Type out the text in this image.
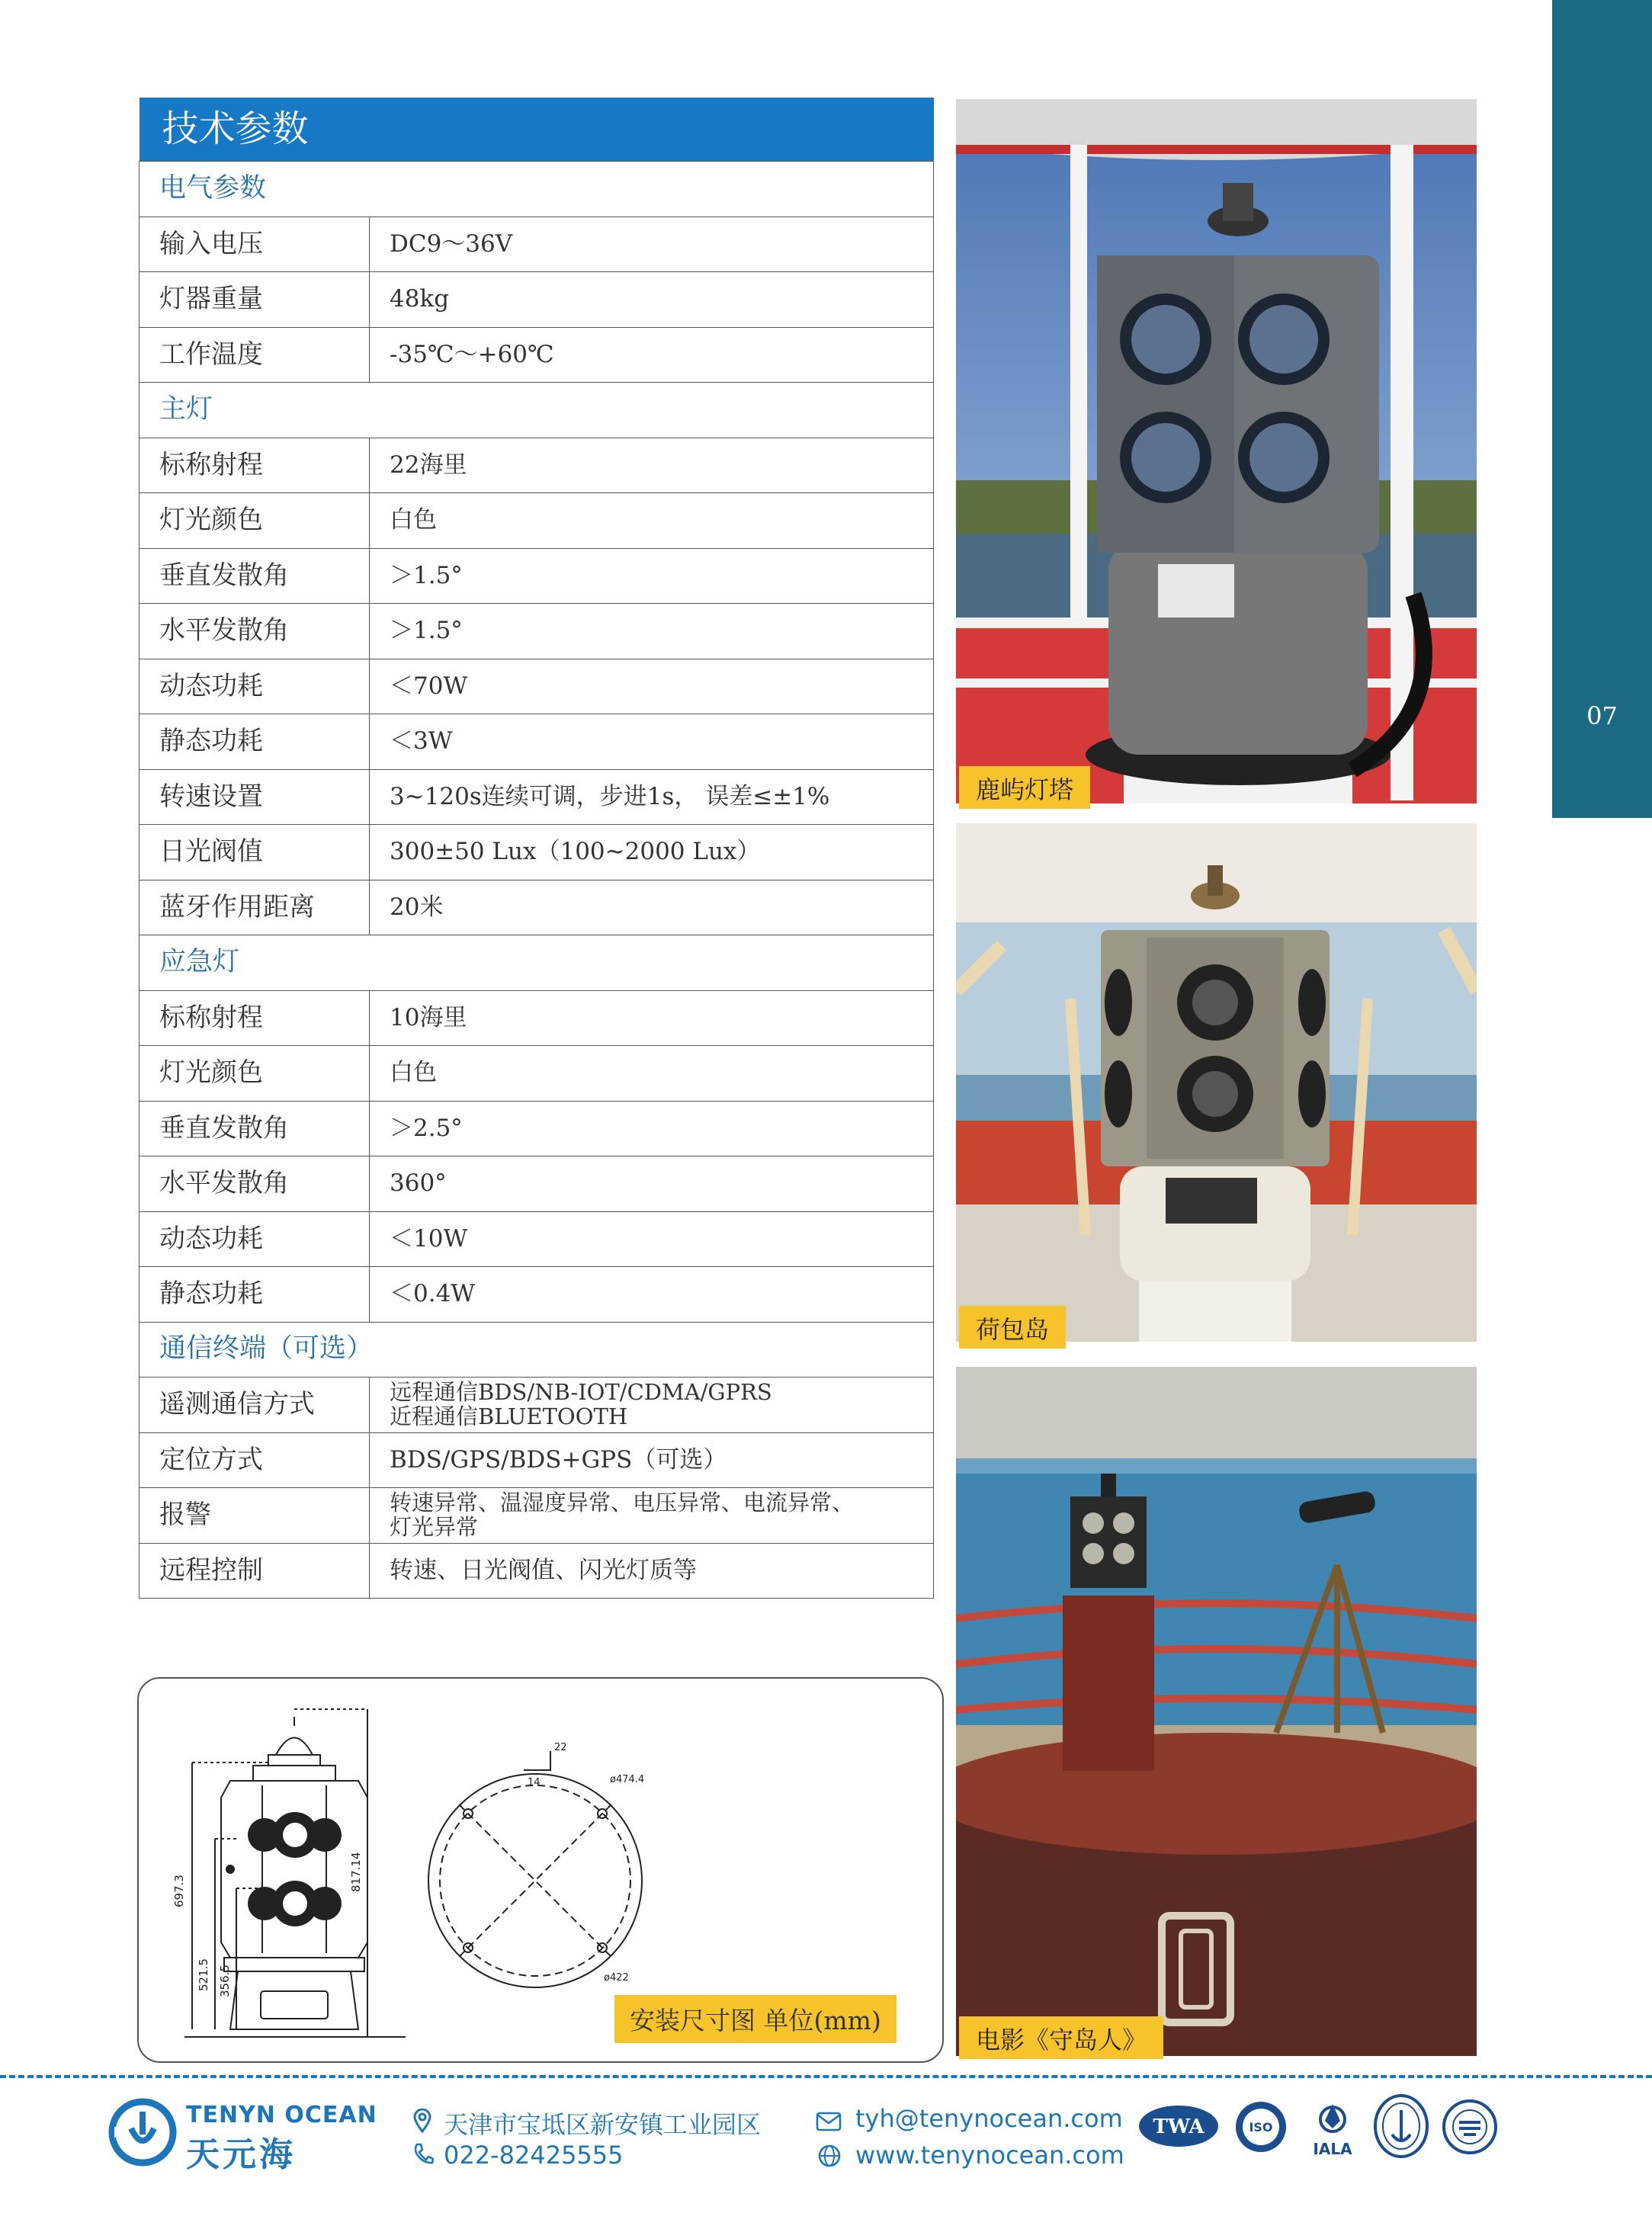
07
技术参数	
电气参数	
输入电压	DC9～36V
灯器重量	48kg
工作温度	-35℃～+60℃
主灯	
标称射程	22海里
灯光颜色	白色
垂直发散角	＞1.5°
水平发散角	＞1.5°
动态功耗	＜70W
静态功耗	＜3W
转速设置	3~120s连续可调，步进1s， 误差≤±1%
日光阀值	300±50 Lux（100~2000 Lux）
蓝牙作用距离	20米
应急灯	
标称射程	10海里
灯光颜色	白色
垂直发散角	＞2.5°
水平发散角	360°
动态功耗	＜10W
静态功耗	＜0.4W
通信终端（可选）	
遥测通信方式	远程通信BDS/NB-IOT/CDMA/GPRS
近程通信BLUETOOTH

定位方式	BDS/GPS/BDS+GPS（可选）
报警	转速异常、温湿度异常、电压异常、电流异常、
灯光异常

远程控制	转速、日光阀值、闪光灯质等
鹿屿灯塔
荷包岛
电影《守岛人》
697.3
521.5 356.5
817.14
22
14	ø474.4
ø422
安装尺寸图 单位(mm)
TENYN OCEAN
天元海
天津市宝坻区新安镇工业园区
022-82425555
tyh@tenynocean.com
www.tenynocean.com
TWA	ISO
IALA
